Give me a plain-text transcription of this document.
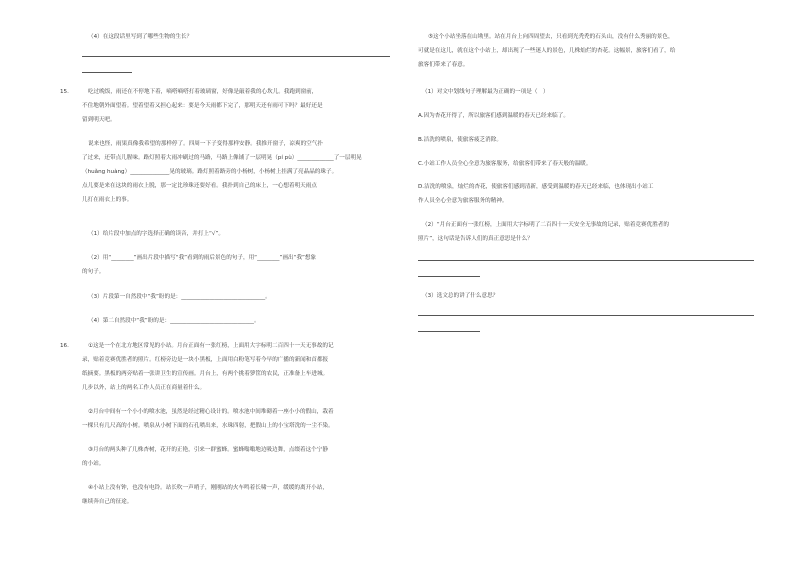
（4）在这段话里写到了哪些生物的生长？
15.	吃过晚饭，雨还在不停地下着，嘀嗒嘀嗒打着玻璃窗，好像是敲着我的心坎儿。我跑到窗前，
不住地朝外面望着。望着望着又担心起来：要是今天雨都下完了，那明天还有雨可下吗？最好还是
留到明天吧。
说来也怪，雨果真像我希望的那样停了。四周一下子变得那样安静。我推开窗子，凉爽的空气扑
了过来，还带点儿腥味。路灯照着大雨冲刷过的马路，马路上像铺了一层明晃（pí pù）_____________了一层明晃
（huǎng huàng）______________晃的玻璃。路灯照着路旁的小杨树，小杨树上挂满了亮晶晶的珠子。
点儿要是来在这块的雨衣上脱，那一定比珍珠还要好看。我扑到自己的床上，一心想着明天雨点
儿打在雨衣上的事。
（1）给片段中加点的字选择正确的读音，并打上“√”。
（2）用“________”画出片段中描写“我”看到的雨后景色的句子，用“________”画出“我”想象
的句子。
（3）片段第一自然段中“我”盼的是：______________________________。
（4）第二自然段中“我”盼的是：______________________________。
16.	①这是一个在北方地区常见的小站。月台正面有一张红榜，上面用大字标明二百四十一天无事故的记
录，贴着竞赛优胜者的照片。红榜旁边是一块小黑板，上面用白粉笔写着今早的广播的新闻和首都报
纸摘要。黑板的两旁贴着一张讲卫生的宣传画。月台上，有两个挑着箩筐的农民，正准备上车进城。
几步以外，站上的两名工作人员正在商量着什么。
②月台中间有一个小小的喷水池，虽然是经过精心设计的。喷水池中间堆砌着一座小小的假山，栽着
一棵只有几尺高的小树。喷泉从小树下面的石孔喷出来，水珠四射，把假山上的小宝塔洗的一尘不染。
③月台的两头种了几株杏树，花开的正艳，引来一群蜜蜂。蜜蜂嗡嗡地边吸边舞，点缀着这个宁静
的小站。
④小站上没有钟，也没有电铃。站长吹一声哨子，刚刚站的火车鸣着长啸一声，缓缓的离开小站，
继续奔自己的征途。
⑤这个小站坐落在山坳里。站在月台上向四周望去，只看到光秃秃的石头山，没有什么秀丽的景色，
可就是在这儿，就在这个小站上，却出现了一些迷人的景色，几株灿烂的杏花。这幅景，旅客们看了，给
旅客们带来了春意。
（1）对文中划线句子理解最为正确的一项是（　）
A.因为杏花开得了，所以旅客们感到温暖的春天已经来临了。
B.洁洗的喷泉，使旅客疲乏消除。
C.小站工作人员全心全意为旅客服务，给旅客们带来了春天般的温暖。
D.洁洗的喷泉，灿烂的杏花，使旅客们感到清新，感受到温暖的春天已经来临，也体现出小站工
作人员全心全意为旅客服务的精神。
（2）“月台正面有一张红榜，上面用大字标明了二百四十一天安全无事故的记录，贴着竞赛优胜者的
照片”，这句话是告诉人们的真正意思是什么？
（3）选文总的讲了什么意思？
